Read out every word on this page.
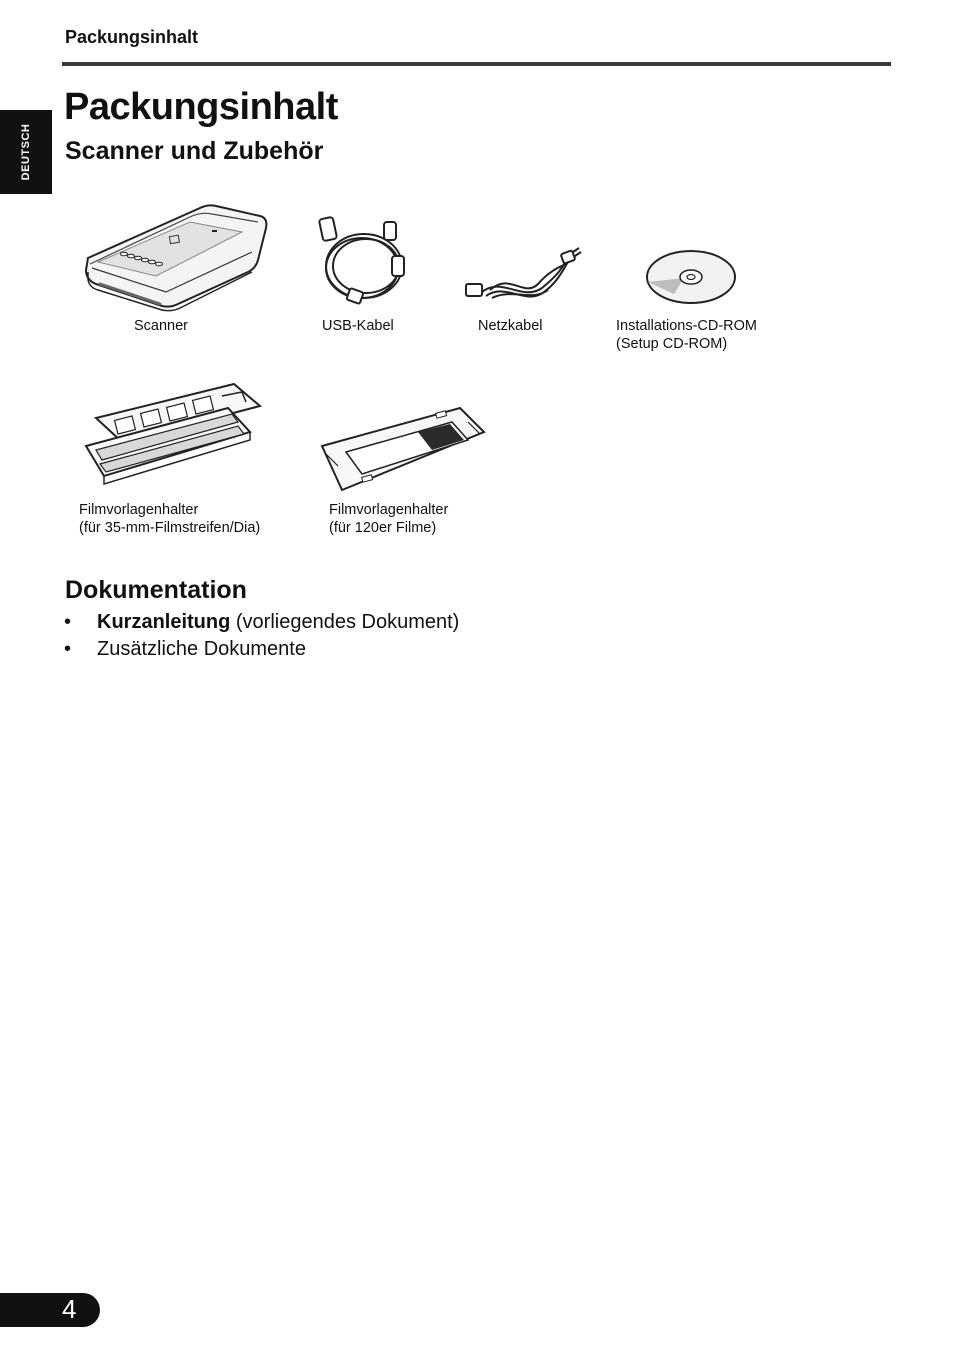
Packungsinhalt
DEUTSCH
Packungsinhalt
Scanner und Zubehör
Scanner	USB-Kabel	Netzkabel	Installations-CD-ROM
(Setup CD-ROM)
Filmvorlagenhalter
(für 35-mm-Filmstreifen/Dia)
Filmvorlagenhalter
(für 120er Filme)
Dokumentation
• Kurzanleitung (vorliegendes Dokument)
• Zusätzliche Dokumente
4
